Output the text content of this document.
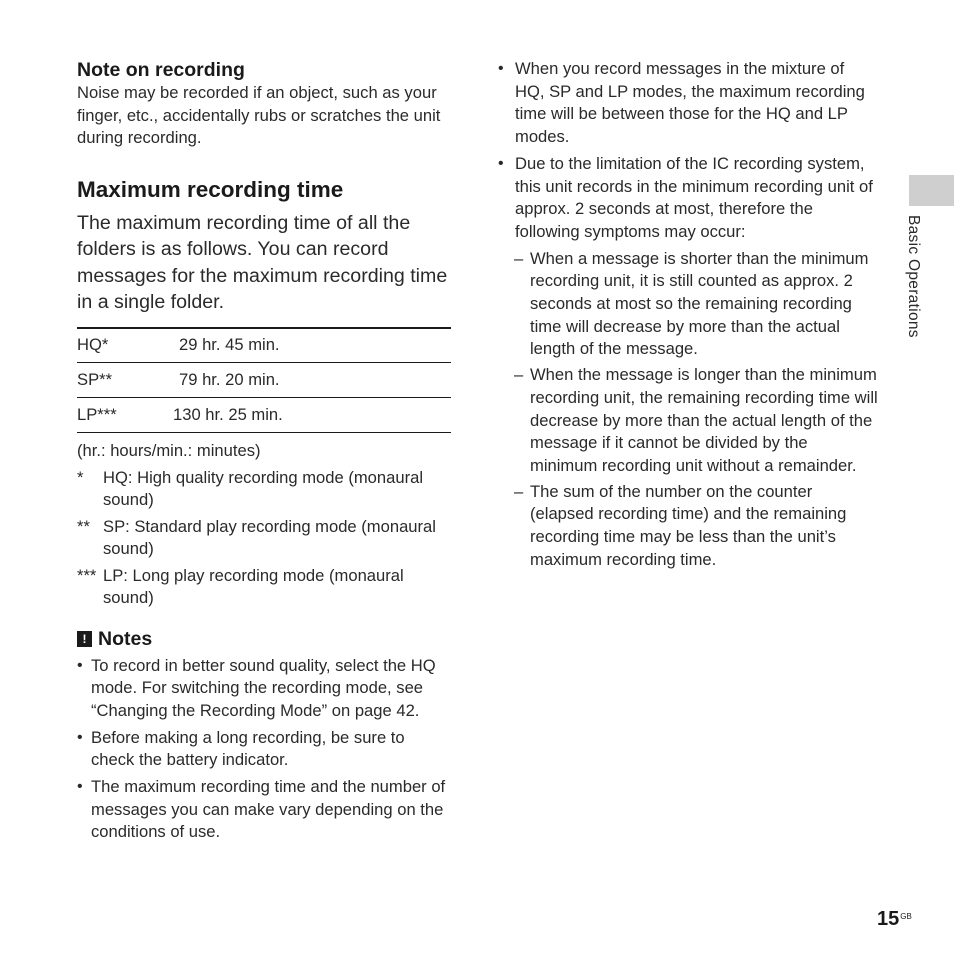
Note on recording

Noise may be recorded if an object, such as your finger, etc., accidentally rubs or scratches the unit during recording.

Maximum recording time

The maximum recording time of all the folders is as follows. You can record messages for the maximum recording time in a single folder.

HQ*	29 hr. 45 min.
SP**	79 hr. 20 min.
LP***	130 hr. 25 min.
(hr.: hours/min.: minutes)
*	HQ: High quality recording mode (monaural sound)
** SP: Standard play recording mode (monaural sound)
*** LP: Long play recording mode (monaural sound)
! Notes
• To record in better sound quality, select the HQ mode. For switching the recording mode, see “Changing the Recording Mode” on page 42.
• Before making a long recording, be sure to check the battery indicator.
• The maximum recording time and the number of messages you can make vary depending on the conditions of use.
• When you record messages in the mixture of HQ, SP and LP modes, the maximum recording time will be between those for the HQ and LP modes.
• Due to the limitation of the IC recording system, this unit records in the minimum recording unit of approx. 2 seconds at most, therefore the following symptoms may occur:
– When a message is shorter than the minimum recording unit, it is still counted as approx. 2 seconds at most so the remaining recording time will decrease by more than the actual length of the message.
– When the message is longer than the minimum recording unit, the remaining recording time will decrease by more than the actual length of the message if it cannot be divided by the minimum recording unit without a remainder.
– The sum of the number on the counter (elapsed recording time) and the remaining recording time may be less than the unit’s maximum recording time.
Basic Operations
$15^{GB}$
